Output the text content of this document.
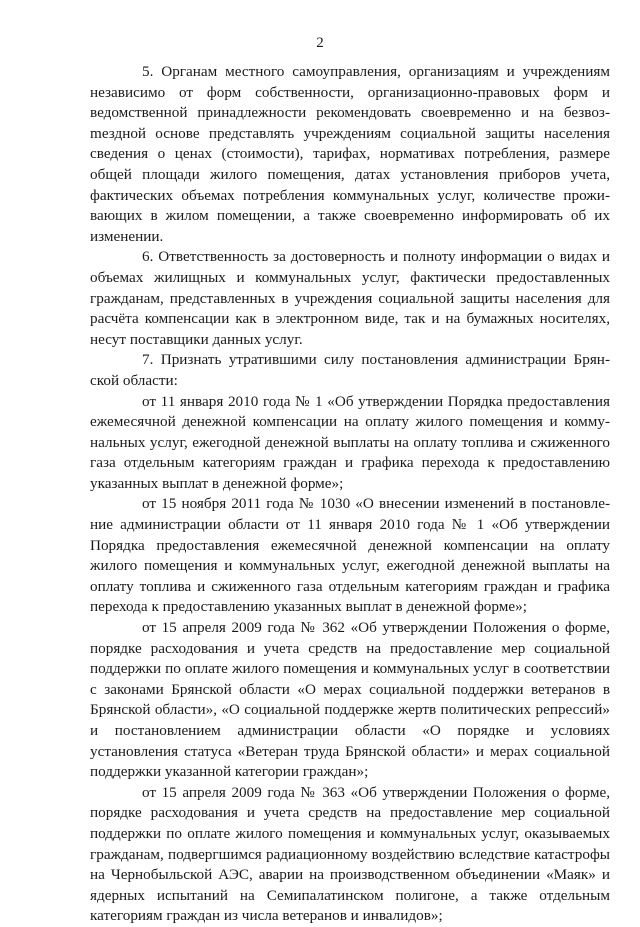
2

5. Органам местного самоуправления, организациям и учреждениям независимо от форм собственности, организационно-правовых форм и ведомственной принадлежности рекомендовать своевременно и на безвозmездной основе представлять учреждениям социальной защиты населения сведения о ценах (стоимости), тарифах, нормативах потребления, размере общей площади жилого помещения, датах установления приборов учета, фактических объемах потребления коммунальных услуг, количестве проживающих в жилом помещении, а также своевременно информировать об их изменении.

6. Ответственность за достоверность и полноту информации о видах и объемах жилищных и коммунальных услуг, фактически предоставленных гражданам, представленных в учреждения социальной защиты населения для расчёта компенсации как в электронном виде, так и на бумажных носителях, несут поставщики данных услуг.

7. Признать утратившими силу постановления администрации Брянской области:

от 11 января 2010 года № 1 «Об утверждении Порядка предоставления ежемесячной денежной компенсации на оплату жилого помещения и коммунальных услуг, ежегодной денежной выплаты на оплату топлива и сжиженного газа отдельным категориям граждан и графика перехода к предоставлению указанных выплат в денежной форме»;

от 15 ноября 2011 года № 1030 «О внесении изменений в постановление администрации области от 11 января 2010 года № 1 «Об утверждении Порядка предоставления ежемесячной денежной компенсации на оплату жилого помещения и коммунальных услуг, ежегодной денежной выплаты на оплату топлива и сжиженного газа отдельным категориям граждан и графика перехода к предоставлению указанных выплат в денежной форме»;

от 15 апреля 2009 года № 362 «Об утверждении Положения о форме, порядке расходования и учета средств на предоставление мер социальной поддержки по оплате жилого помещения и коммунальных услуг в соответствии с законами Брянской области «О мерах социальной поддержки ветеранов в Брянской области», «О социальной поддержке жертв политических репрессий» и постановлением администрации области «О порядке и условиях установления статуса «Ветеран труда Брянской области» и мерах социальной поддержки указанной категории граждан»;

от 15 апреля 2009 года № 363 «Об утверждении Положения о форме, порядке расходования и учета средств на предоставление мер социальной поддержки по оплате жилого помещения и коммунальных услуг, оказываемых гражданам, подвергшимся радиационному воздействию вследствие катастрофы на Чернобыльской АЭС, аварии на производственном объединении «Маяк» и ядерных испытаний на Семипалатинском полигоне, а также отдельным категориям граждан из числа ветеранов и инвалидов»;
